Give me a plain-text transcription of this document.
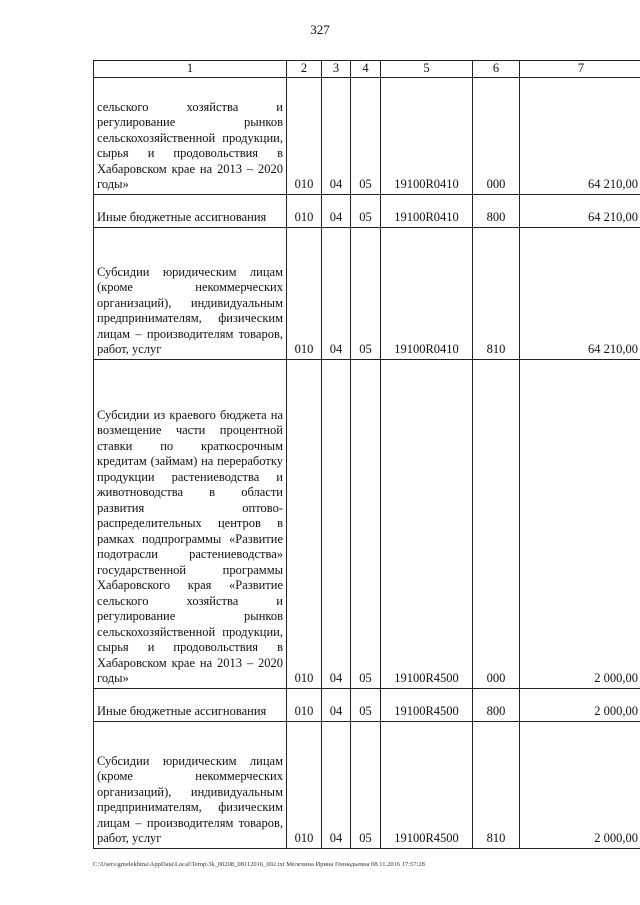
327
1	2	3	4	5	6	7
сельского хозяйства и регулирование рынков сельскохозяйственной продукции, сырья и продовольствия в Хабаровском крае на 2013 – 2020 годы»	010	04	05	19100R0410	000	64 210,00
Иные бюджетные ассигнования	010	04	05	19100R0410	800	64 210,00
Субсидии юридическим лицам (кроме некоммерческих организаций), индивидуальным предпринимателям, физическим лицам – производителям товаров, работ, услуг	010	04	05	19100R0410	810	64 210,00
Субсидии из краевого бюджета на возмещение части процентной ставки по краткосрочным кредитам (займам) на переработку продукции растениеводства и животноводства в области развития оптово-распределительных центров в рамках подпрограммы «Развитие подотрасли растениеводства» государственной программы Хабаровского края «Развитие сельского хозяйства и регулирование рынков сельскохозяйственной продукции, сырья и продовольствия в Хабаровском крае на 2013 – 2020 годы»	010	04	05	19100R4500	000	2 000,00
Иные бюджетные ассигнования	010	04	05	19100R4500	800	2 000,00
Субсидии юридическим лицам (кроме некоммерческих организаций), индивидуальным предпринимателям, физическим лицам – производителям товаров, работ, услуг	010	04	05	19100R4500	810	2 000,00
C:\Users\gmelekhina\AppData\Local\Temp\3k_00208_08112016_002.txt Мелехина Ирина Геннадьевна 08.11.2016 17:57:28
